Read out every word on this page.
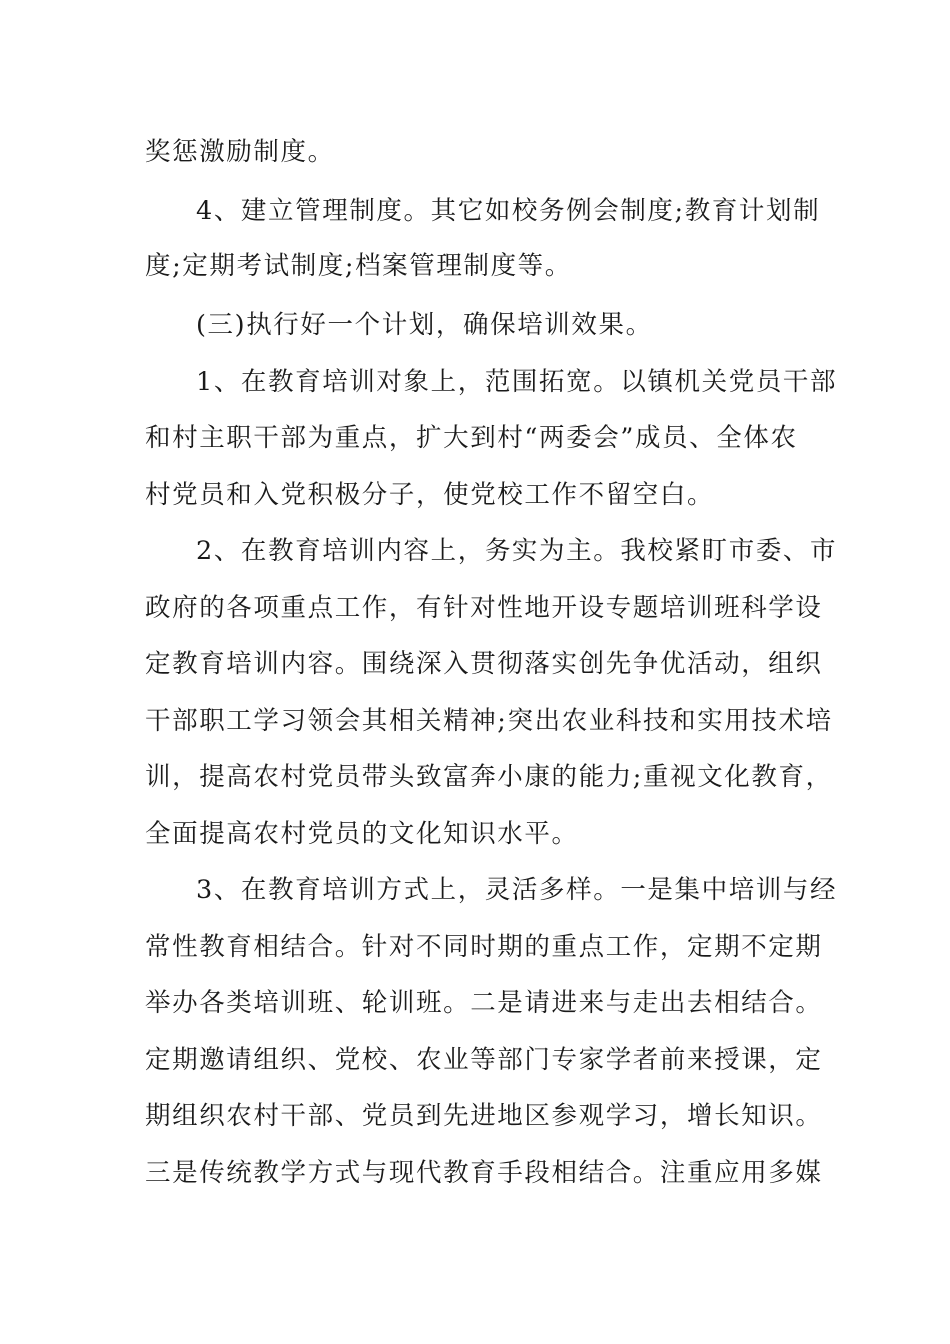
奖惩激励制度。
4、建立管理制度。其它如校务例会制度;教育计划制
度;定期考试制度;档案管理制度等。
(三)执行好一个计划，确保培训效果。
1、在教育培训对象上，范围拓宽。以镇机关党员干部
和村主职干部为重点，扩大到村“两委会”成员、全体农
村党员和入党积极分子，使党校工作不留空白。
2、在教育培训内容上，务实为主。我校紧盯市委、市
政府的各项重点工作，有针对性地开设专题培训班科学设
定教育培训内容。围绕深入贯彻落实创先争优活动，组织
干部职工学习领会其相关精神;突出农业科技和实用技术培
训，提高农村党员带头致富奔小康的能力;重视文化教育，
全面提高农村党员的文化知识水平。
3、在教育培训方式上，灵活多样。一是集中培训与经
常性教育相结合。针对不同时期的重点工作，定期不定期
举办各类培训班、轮训班。二是请进来与走出去相结合。
定期邀请组织、党校、农业等部门专家学者前来授课，定
期组织农村干部、党员到先进地区参观学习，增长知识。
三是传统教学方式与现代教育手段相结合。注重应用多媒
